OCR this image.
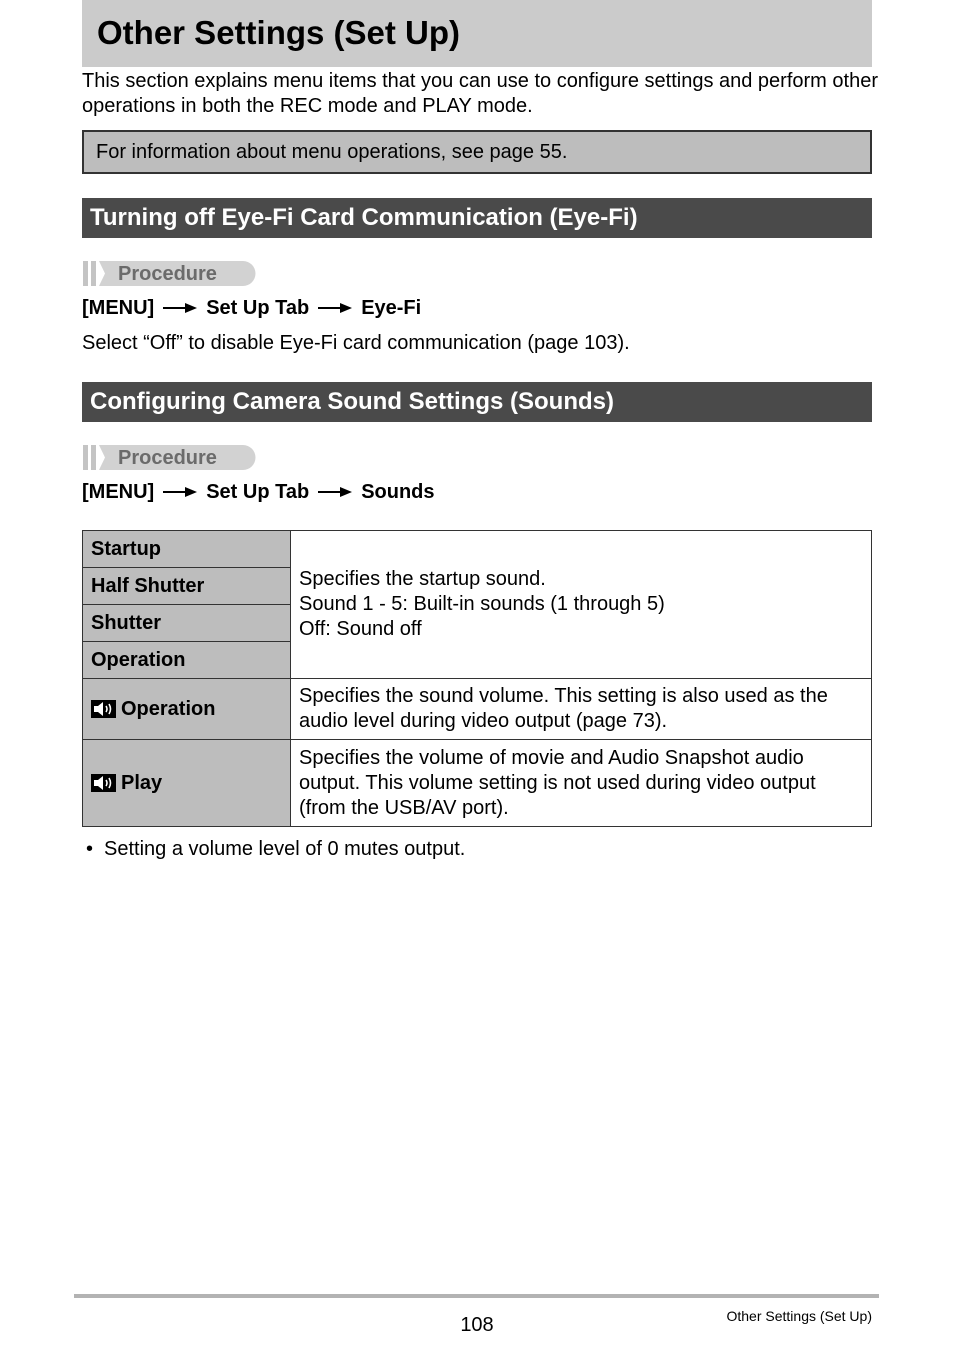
Other Settings (Set Up)

This section explains menu items that you can use to configure settings and perform other operations in both the REC mode and PLAY mode.

For information about menu operations, see page 55.
Turning off Eye-Fi Card Communication (Eye-Fi)
Procedure
[MENU]	Set Up Tab	Eye-Fi

Select “Off” to disable Eye-Fi card communication (page 103).

Configuring Camera Sound Settings (Sounds)
Procedure
[MENU]	Set Up Tab	Sounds
Startup	Specifies the startup sound.
Sound 1 - 5: Built-in sounds (1 through 5)
Off: Sound off

Half Shutter	
Shutter	
Operation	
Operation	Specifies the sound volume. This setting is also used as the audio level during video output (page 73).
Play	Specifies the volume of movie and Audio Snapshot audio output. This volume setting is not used during video output (from the USB/AV port).

• Setting a volume level of 0 mutes output.

108	Other Settings (Set Up)
